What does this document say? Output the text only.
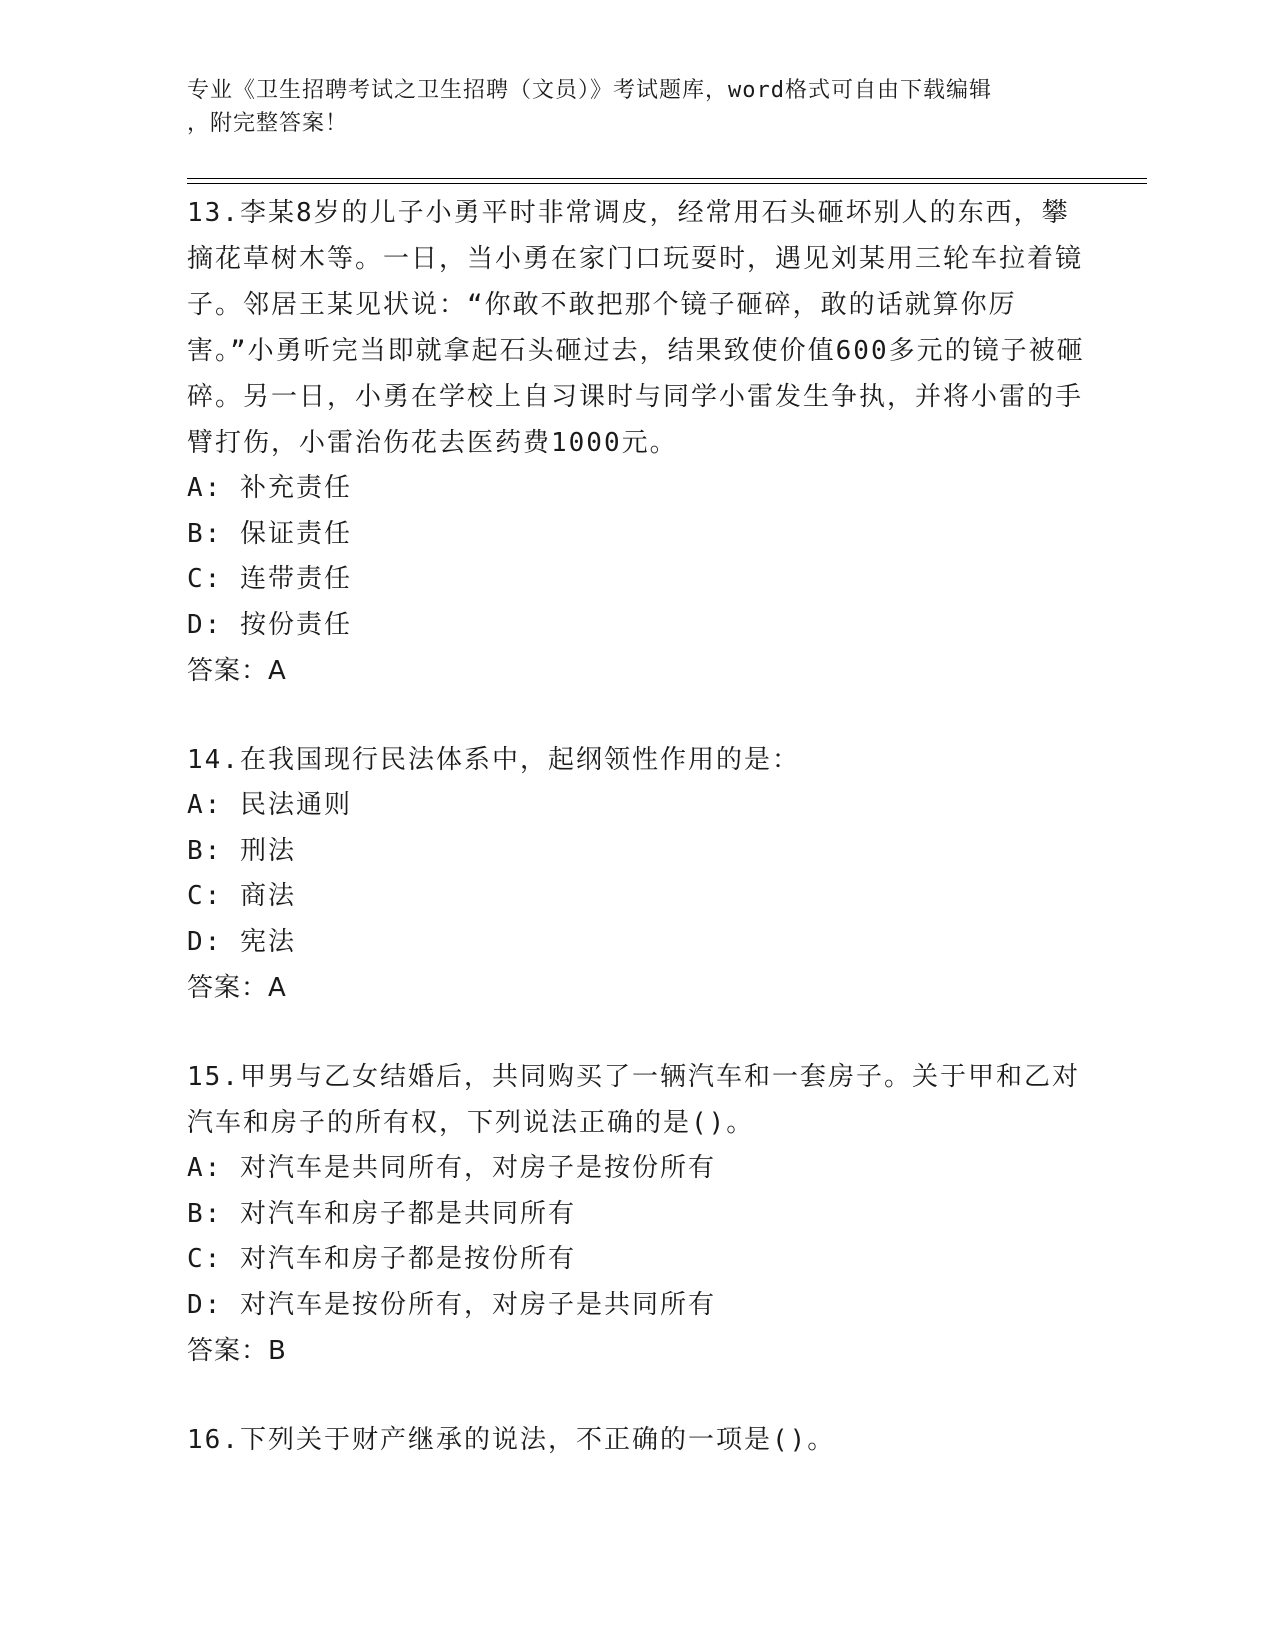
专业《卫生招聘考试之卫生招聘（文员）》考试题库，word格式可自由下载编辑
，附完整答案！
13.李某8岁的儿子小勇平时非常调皮，经常用石头砸坏别人的东西，攀摘花草树木等。一日，当小勇在家门口玩耍时，遇见刘某用三轮车拉着镜子。邻居王某见状说：“你敢不敢把那个镜子砸碎，敢的话就算你厉害。”小勇听完当即就拿起石头砸过去，结果致使价值600多元的镜子被砸碎。另一日，小勇在学校上自习课时与同学小雷发生争执，并将小雷的手臂打伤，小雷治伤花去医药费1000元。
A: 补充责任
B: 保证责任
C: 连带责任
D: 按份责任
答案：A
14.在我国现行民法体系中，起纲领性作用的是：
A: 民法通则
B: 刑法
C: 商法
D: 宪法
答案：A
15.甲男与乙女结婚后，共同购买了一辆汽车和一套房子。关于甲和乙对汽车和房子的所有权，下列说法正确的是()。
A: 对汽车是共同所有，对房子是按份所有
B: 对汽车和房子都是共同所有
C: 对汽车和房子都是按份所有
D: 对汽车是按份所有，对房子是共同所有
答案：B
16.下列关于财产继承的说法，不正确的一项是()。
